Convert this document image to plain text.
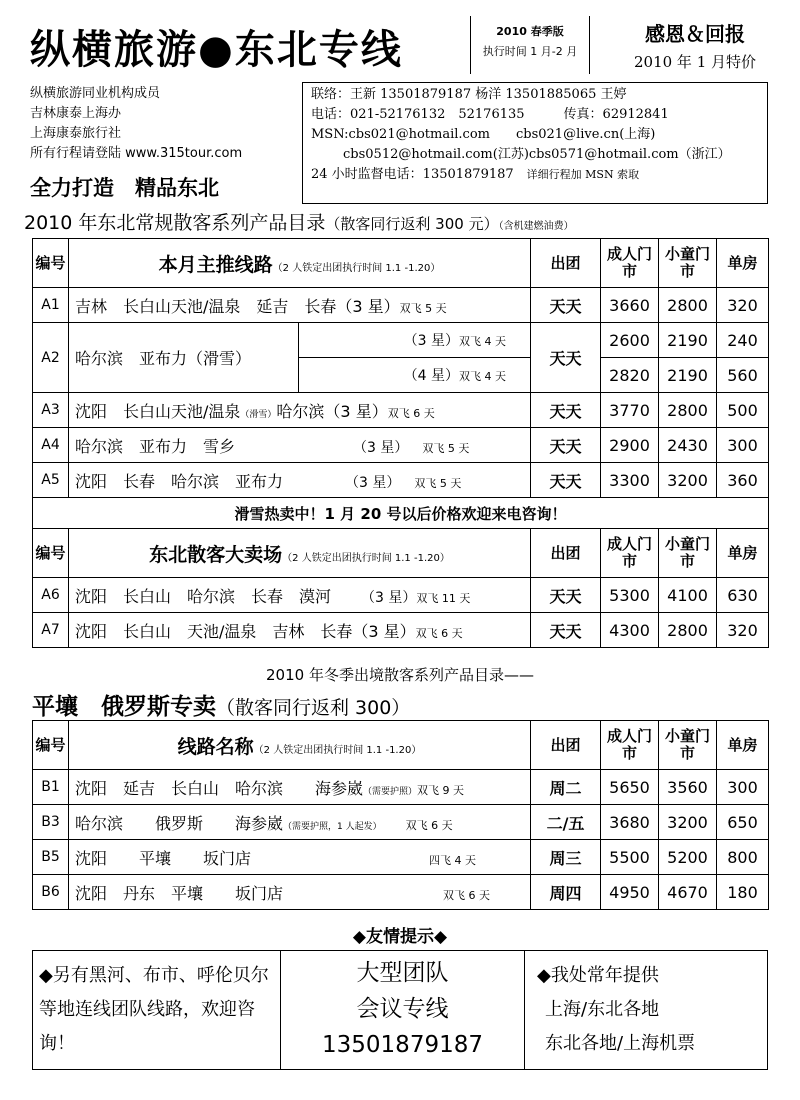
纵横旅游●东北专线	2010 春季版
执行时间 1 月-2 月
感恩＆回报
2010 年 1 月特价
纵横旅游同业机构成员
吉林康泰上海办
上海康泰旅行社
所有行程请登陆 www.315tour.com
全力打造　精品东北
联络：王新 13501879187 杨洋 13501885065 王婷
电话：021-52176132　52176135　　　传真：62912841
MSN:cbs021@hotmail.com　　cbs021@live.cn(上海)
cbs0512@hotmail.com(江苏)cbs0571@hotmail.com（浙江）
24 小时监督电话：13501879187　 详细行程加 MSN 索取
2010 年东北常规散客系列产品目录（散客同行返利 300 元）（含机建燃油费）
编号	本月主推线路（2 人铁定出团执行时间 1.1 -1.20）		出团	成人门市	小童门市	单房
A1	吉林　长白山天池/温泉　延吉　长春（3 星）双飞 5 天		天天	3660	2800	320
A2	哈尔滨　亚布力（滑雪）	（3 星）双飞 4 天	天天	2600	2190	240
		（4 星）双飞 4 天		2820	2190	560
A3	沈阳　长白山天池/温泉（滑雪）哈尔滨（3 星）双飞 6 天		天天	3770	2800	500
A4	哈尔滨　亚布力　雪乡 （3 星） 双飞 5 天		天天	2900	2430	300
A5	沈阳　长春　哈尔滨　亚布力 （3 星） 双飞 5 天		天天	3300	3200	360
滑雪热卖中！1 月 20 号以后价格欢迎来电咨询！						
编号	东北散客大卖场（2 人铁定出团执行时间 1.1 -1.20）		出团	成人门市	小童门市	单房
A6	沈阳　长白山　哈尔滨　长春　漠河 （3 星）双飞 11 天		天天	5300	4100	630
A7	沈阳　长白山　天池/温泉　吉林　长春（3 星）双飞 6 天		天天	4300	2800	320
2010 年冬季出境散客系列产品目录——
平壤　俄罗斯专卖（散客同行返利 300）
编号	线路名称（2 人铁定出团执行时间 1.1 -1.20）	出团	成人门市	小童门市	单房
B1	沈阳　延吉　长白山　哈尔滨　　海参崴（需要护照）双飞 9 天	周二	5650	3560	300
B3	哈尔滨　　俄罗斯　　海参崴（需要护照，1 人起发） 双飞 6 天	二/五	3680	3200	650
B5	沈阳　　平壤　　坂门店 四飞 4 天	周三	5500	5200	800
B6	沈阳　丹东　平壤　　坂门店 双飞 6 天	周四	4950	4670	180
◆友情提示◆
◆另有黑河、布市、呼伦贝尔等地连线团队线路，欢迎咨询！
大型团队
会议专线
13501879187
◆我处常年提供
上海/东北各地
东北各地/上海机票
